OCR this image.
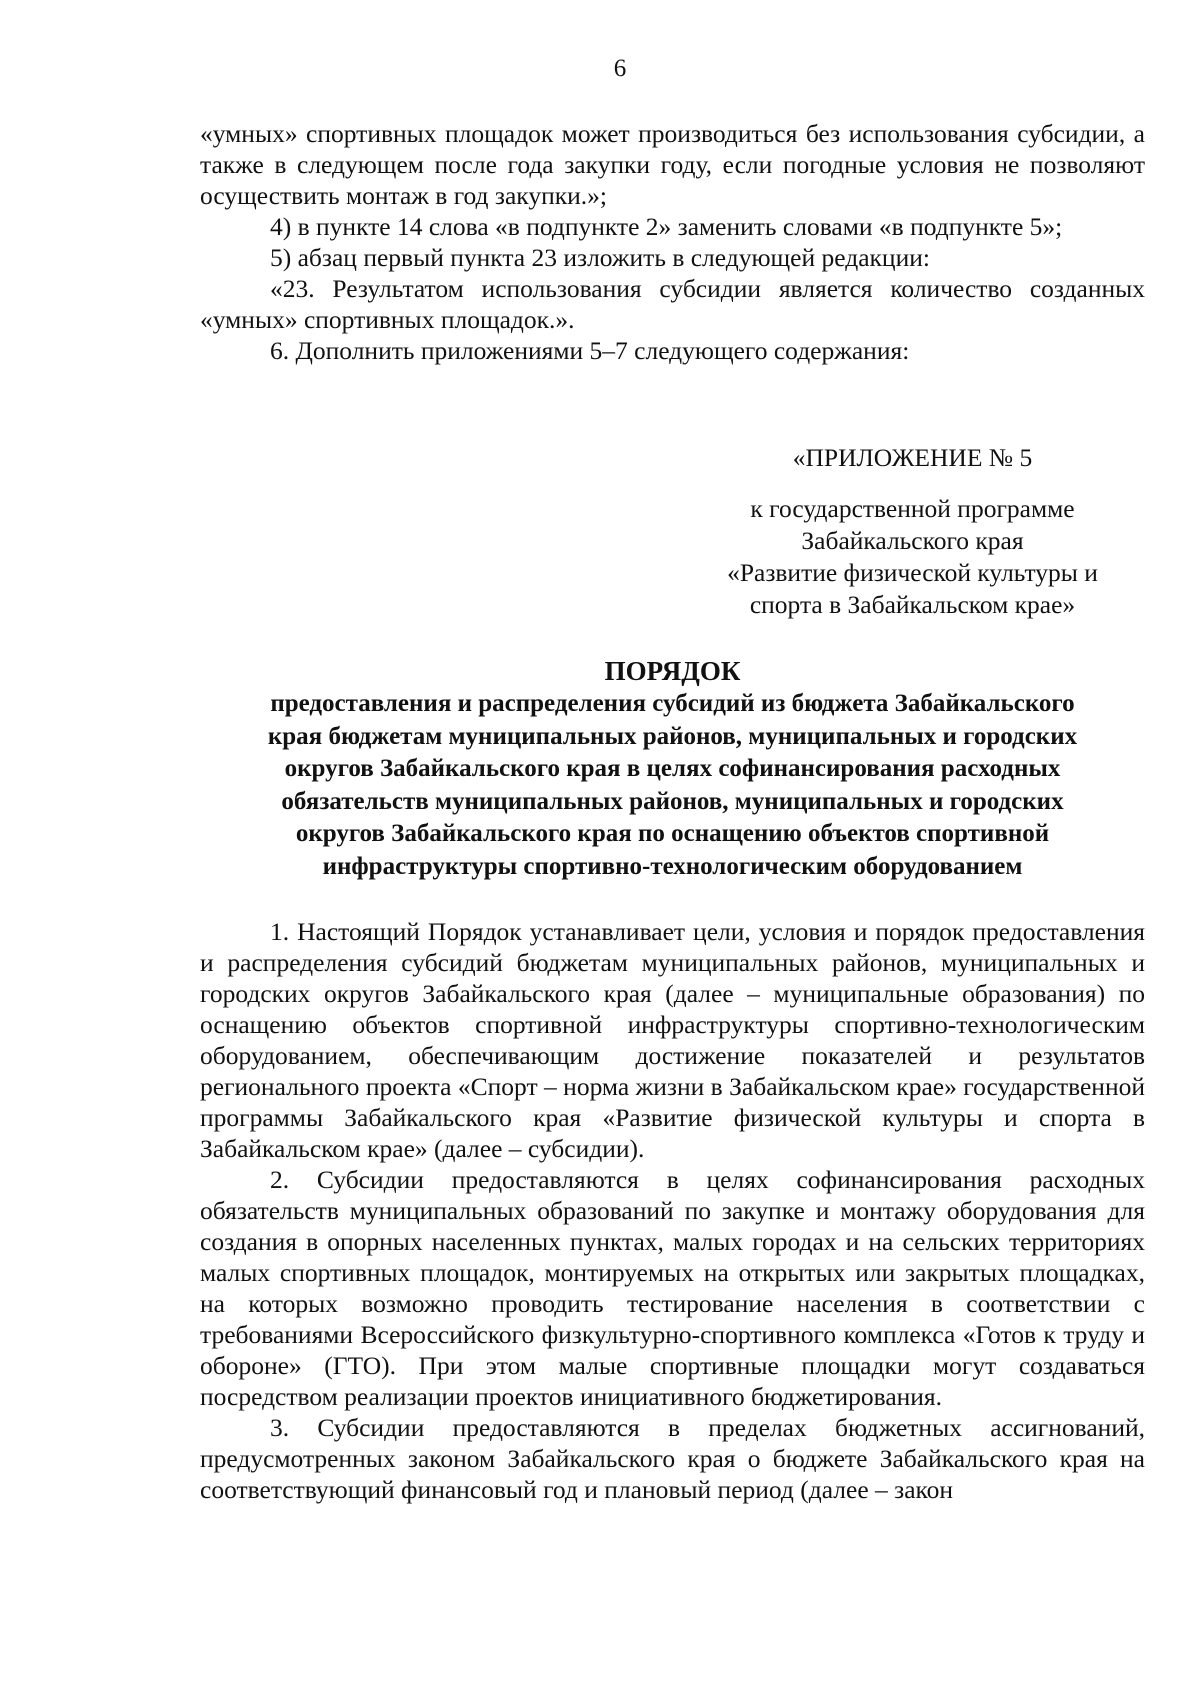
6

«умных» спортивных площадок может производиться без использования субсидии, а также в следующем после года закупки году, если погодные условия не позволяют осуществить монтаж в год закупки.»;

4) в пункте 14 слова «в подпункте 2» заменить словами «в подпункте 5»;

5) абзац первый пункта 23 изложить в следующей редакции:

«23. Результатом использования субсидии является количество созданных «умных» спортивных площадок.».

6. Дополнить приложениями 5–7 следующего содержания:

«ПРИЛОЖЕНИЕ № 5
к государственной программе
Забайкальского края
«Развитие физической культуры и
спорта в Забайкальском крае»
ПОРЯДОК
предоставления и распределения субсидий из бюджета Забайкальского
края бюджетам муниципальных районов, муниципальных и городских
округов Забайкальского края в целях софинансирования расходных
обязательств муниципальных районов, муниципальных и городских
округов Забайкальского края по оснащению объектов спортивной
инфраструктуры спортивно-технологическим оборудованием

1. Настоящий Порядок устанавливает цели, условия и порядок предоставления и распределения субсидий бюджетам муниципальных районов, муниципальных и городских округов Забайкальского края (далее – муниципальные образования) по оснащению объектов спортивной инфраструктуры спортивно-технологическим оборудованием, обеспечивающим достижение показателей и результатов регионального проекта «Спорт – норма жизни в Забайкальском крае» государственной программы Забайкальского края «Развитие физической культуры и спорта в Забайкальском крае» (далее – субсидии).

2. Субсидии предоставляются в целях софинансирования расходных обязательств муниципальных образований по закупке и монтажу оборудования для создания в опорных населенных пунктах, малых городах и на сельских территориях малых спортивных площадок, монтируемых на открытых или закрытых площадках, на которых возможно проводить тестирование населения в соответствии с требованиями Всероссийского физкультурно-спортивного комплекса «Готов к труду и обороне» (ГТО). При этом малые спортивные площадки могут создаваться посредством реализации проектов инициативного бюджетирования.

3. Субсидии предоставляются в пределах бюджетных ассигнований, предусмотренных законом Забайкальского края о бюджете Забайкальского края на соответствующий финансовый год и плановый период (далее – закон
